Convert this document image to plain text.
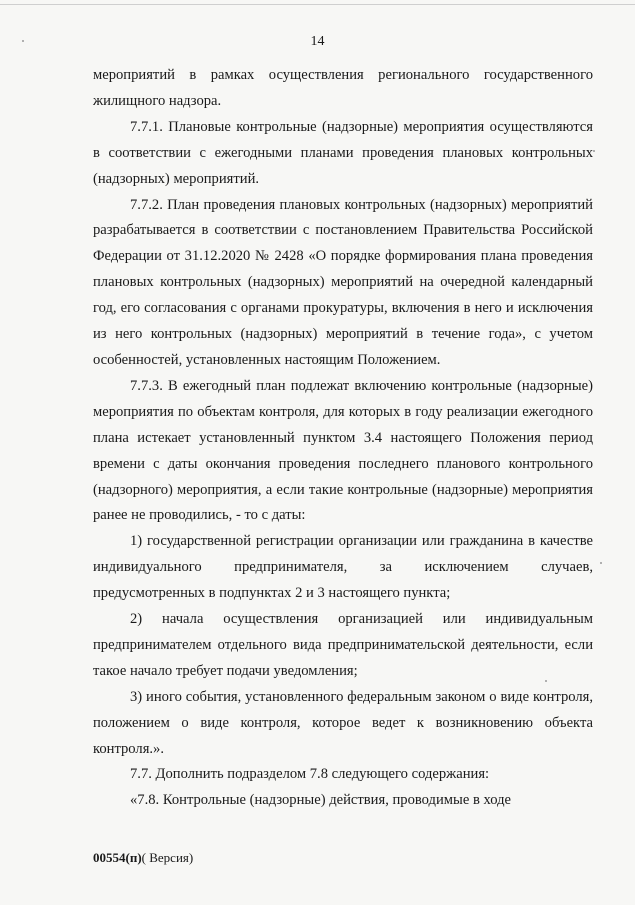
14

мероприятий в рамках осуществления регионального государственного жилищного надзора.

7.7.1. Плановые контрольные (надзорные) мероприятия осуществляются в соответствии с ежегодными планами проведения плановых контрольных (надзорных) мероприятий.

7.7.2. План проведения плановых контрольных (надзорных) мероприятий разрабатывается в соответствии с постановлением Правительства Российской Федерации от 31.12.2020 № 2428 «О порядке формирования плана проведения плановых контрольных (надзорных) мероприятий на очередной календарный год, его согласования с органами прокуратуры, включения в него и исключения из него контрольных (надзорных) мероприятий в течение года», с учетом особенностей, установленных настоящим Положением.

7.7.3. В ежегодный план подлежат включению контрольные (надзорные) мероприятия по объектам контроля, для которых в году реализации ежегодного плана истекает установленный пунктом 3.4 настоящего Положения период времени с даты окончания проведения последнего планового контрольного (надзорного) мероприятия, а если такие контрольные (надзорные) мероприятия ранее не проводились, - то с даты:

1) государственной регистрации организации или гражданина в качестве индивидуального предпринимателя, за исключением случаев, предусмотренных в подпунктах 2 и 3 настоящего пункта;

2) начала осуществления организацией или индивидуальным предпринимателем отдельного вида предпринимательской деятельности, если такое начало требует подачи уведомления;

3) иного события, установленного федеральным законом о виде контроля, положением о виде контроля, которое ведет к возникновению объекта контроля.».

7.7. Дополнить подразделом 7.8 следующего содержания:

«7.8. Контрольные (надзорные) действия, проводимые в ходе

00554(п)( Версия)
